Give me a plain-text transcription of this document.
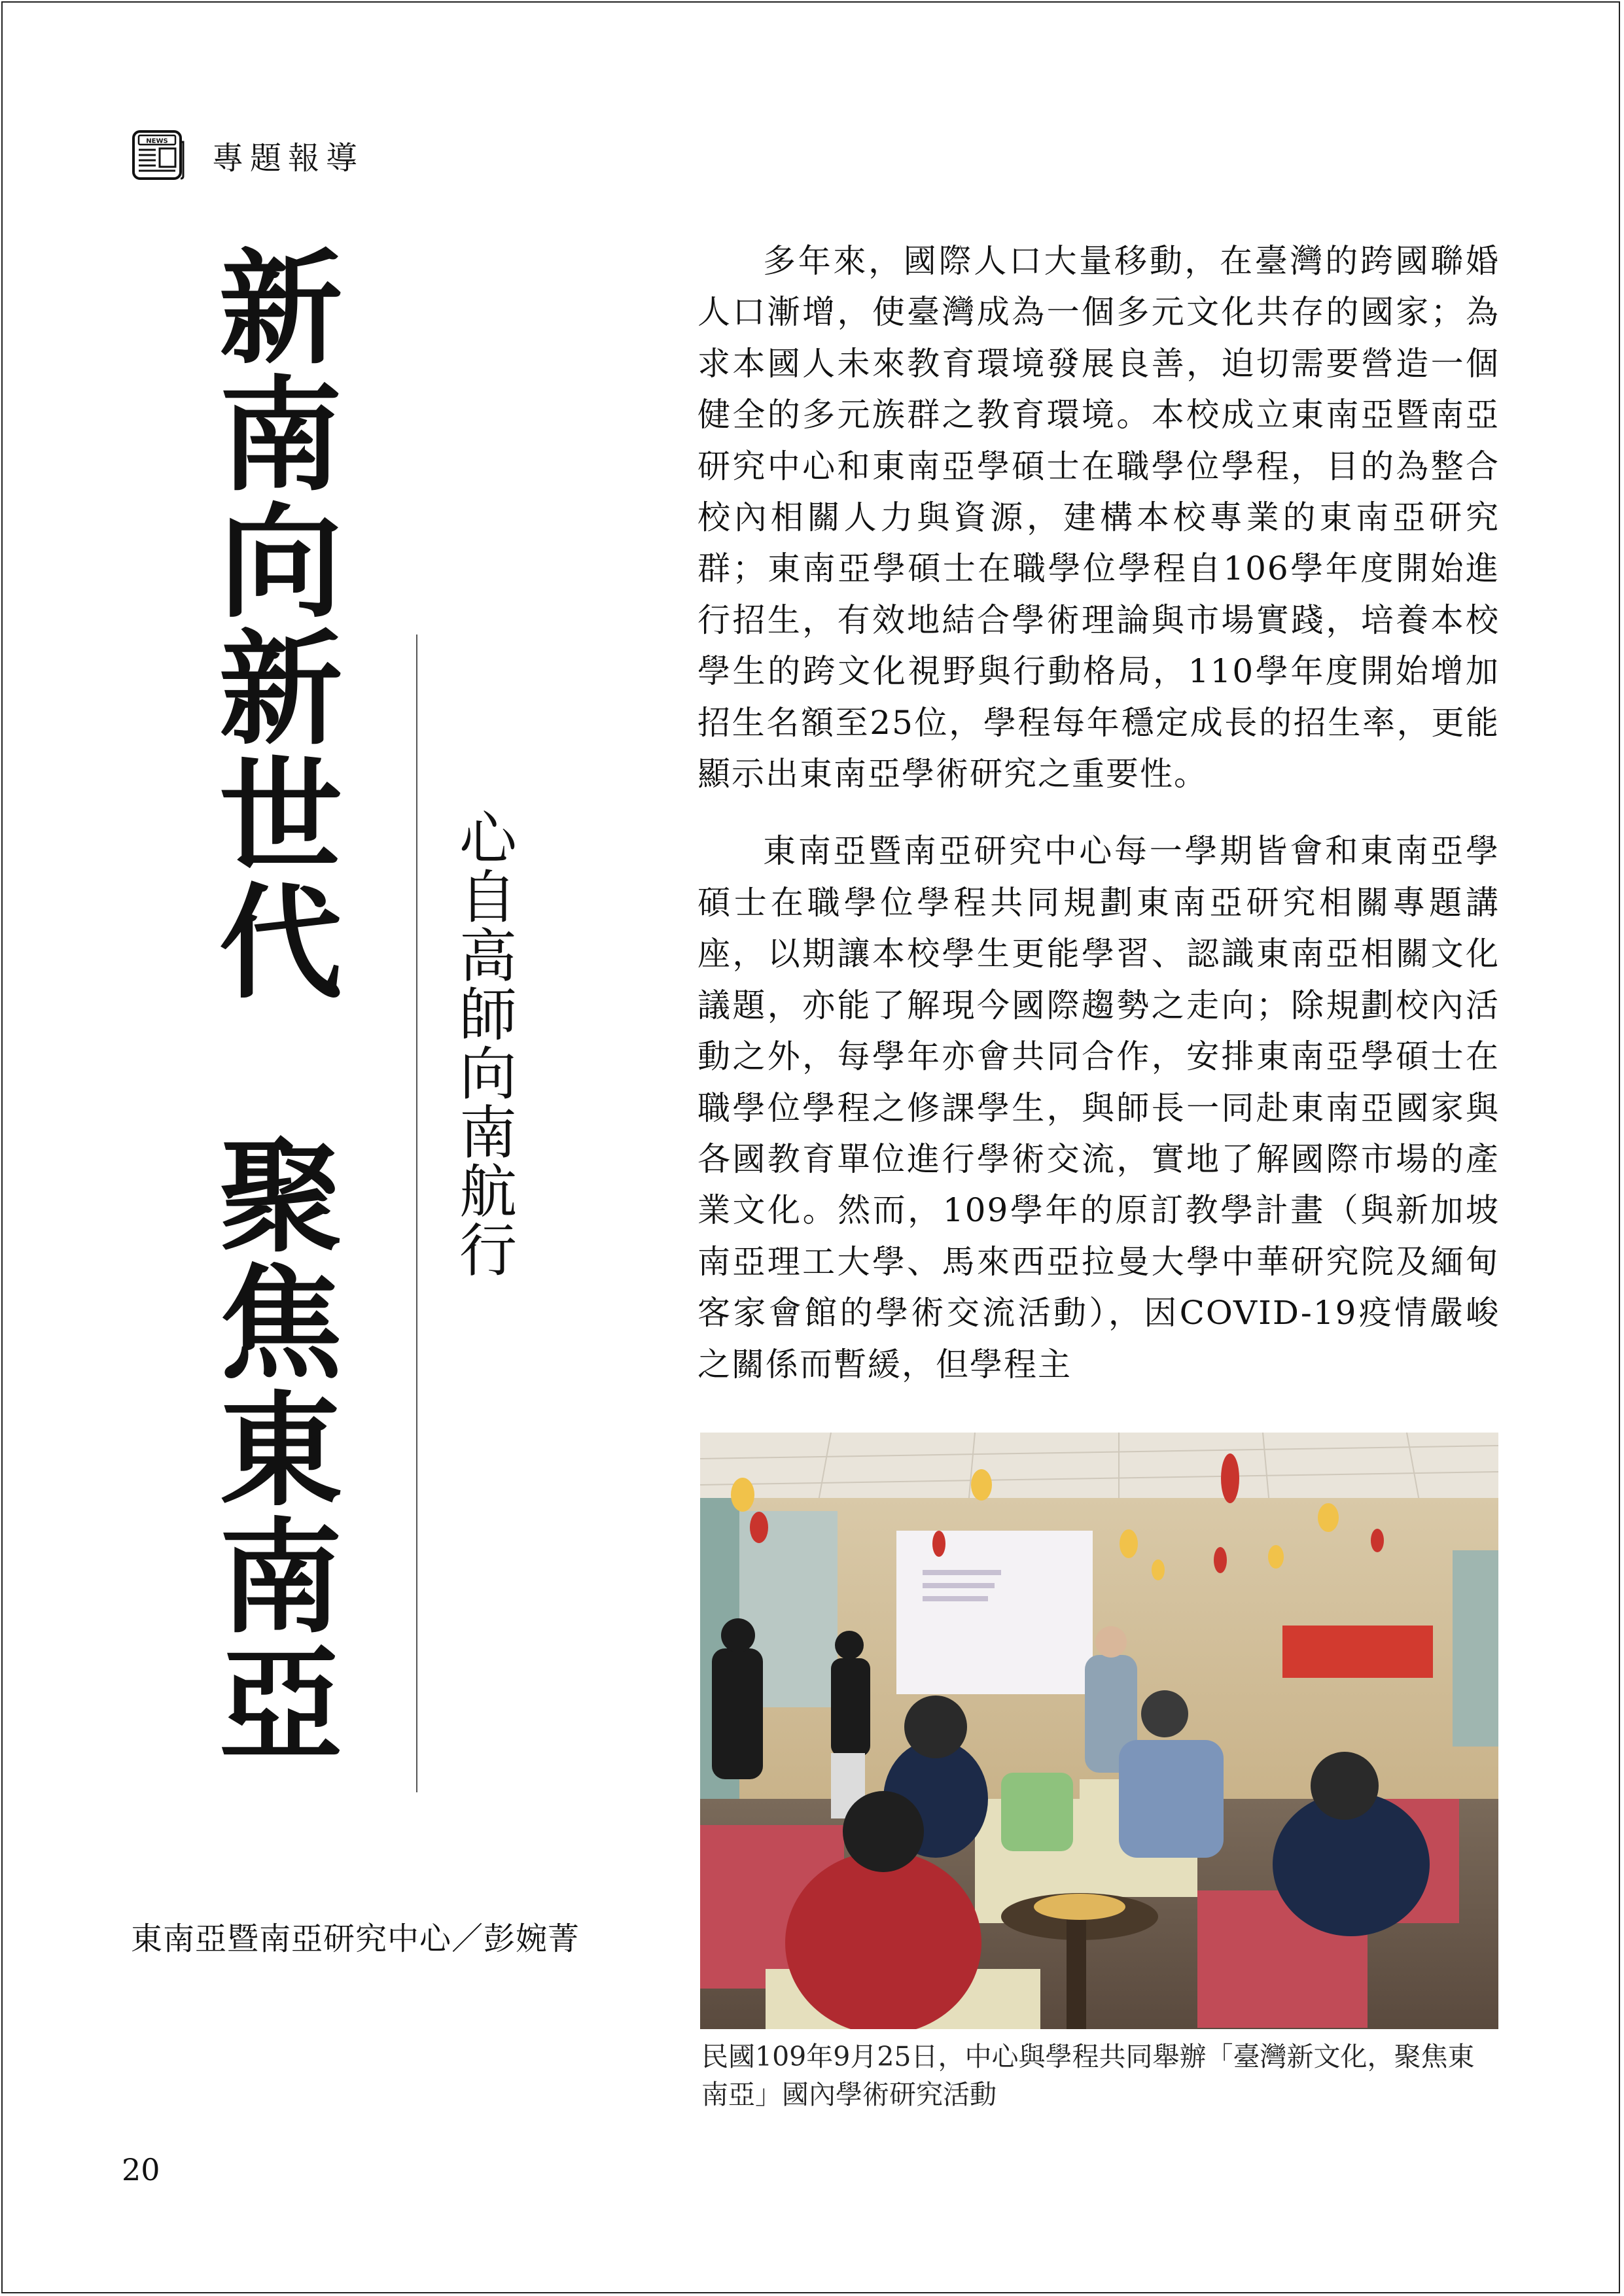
NEWS 專題報導
新南向新世代　聚焦東南亞 心自高師向南航行
東南亞暨南亞研究中心／彭婉菁

多年來，國際人口大量移動，在臺灣的跨國聯婚人口漸增，使臺灣成為一個多元文化共存的國家；為求本國人未來教育環境發展良善，迫切需要營造一個健全的多元族群之教育環境。本校成立東南亞暨南亞研究中心和東南亞學碩士在職學位學程，目的為整合校內相關人力與資源，建構本校專業的東南亞研究群；東南亞學碩士在職學位學程自106學年度開始進行招生，有效地結合學術理論與市場實踐，培養本校學生的跨文化視野與行動格局，110學年度開始增加招生名額至25位，學程每年穩定成長的招生率，更能顯示出東南亞學術研究之重要性。

東南亞暨南亞研究中心每一學期皆會和東南亞學碩士在職學位學程共同規劃東南亞研究相關專題講座，以期讓本校學生更能學習、認識東南亞相關文化議題，亦能了解現今國際趨勢之走向；除規劃校內活動之外，每學年亦會共同合作，安排東南亞學碩士在職學位學程之修課學生，與師長一同赴東南亞國家與各國教育單位進行學術交流，實地了解國際市場的產業文化。然而，109學年的原訂教學計畫（與新加坡南亞理工大學、馬來西亞拉曼大學中華研究院及緬甸客家會館的學術交流活動），因COVID-19疫情嚴峻之關係而暫緩，但學程主

民國109年9月25日，中心與學程共同舉辦「臺灣新文化，聚焦東南亞」國內學術研究活動
20
